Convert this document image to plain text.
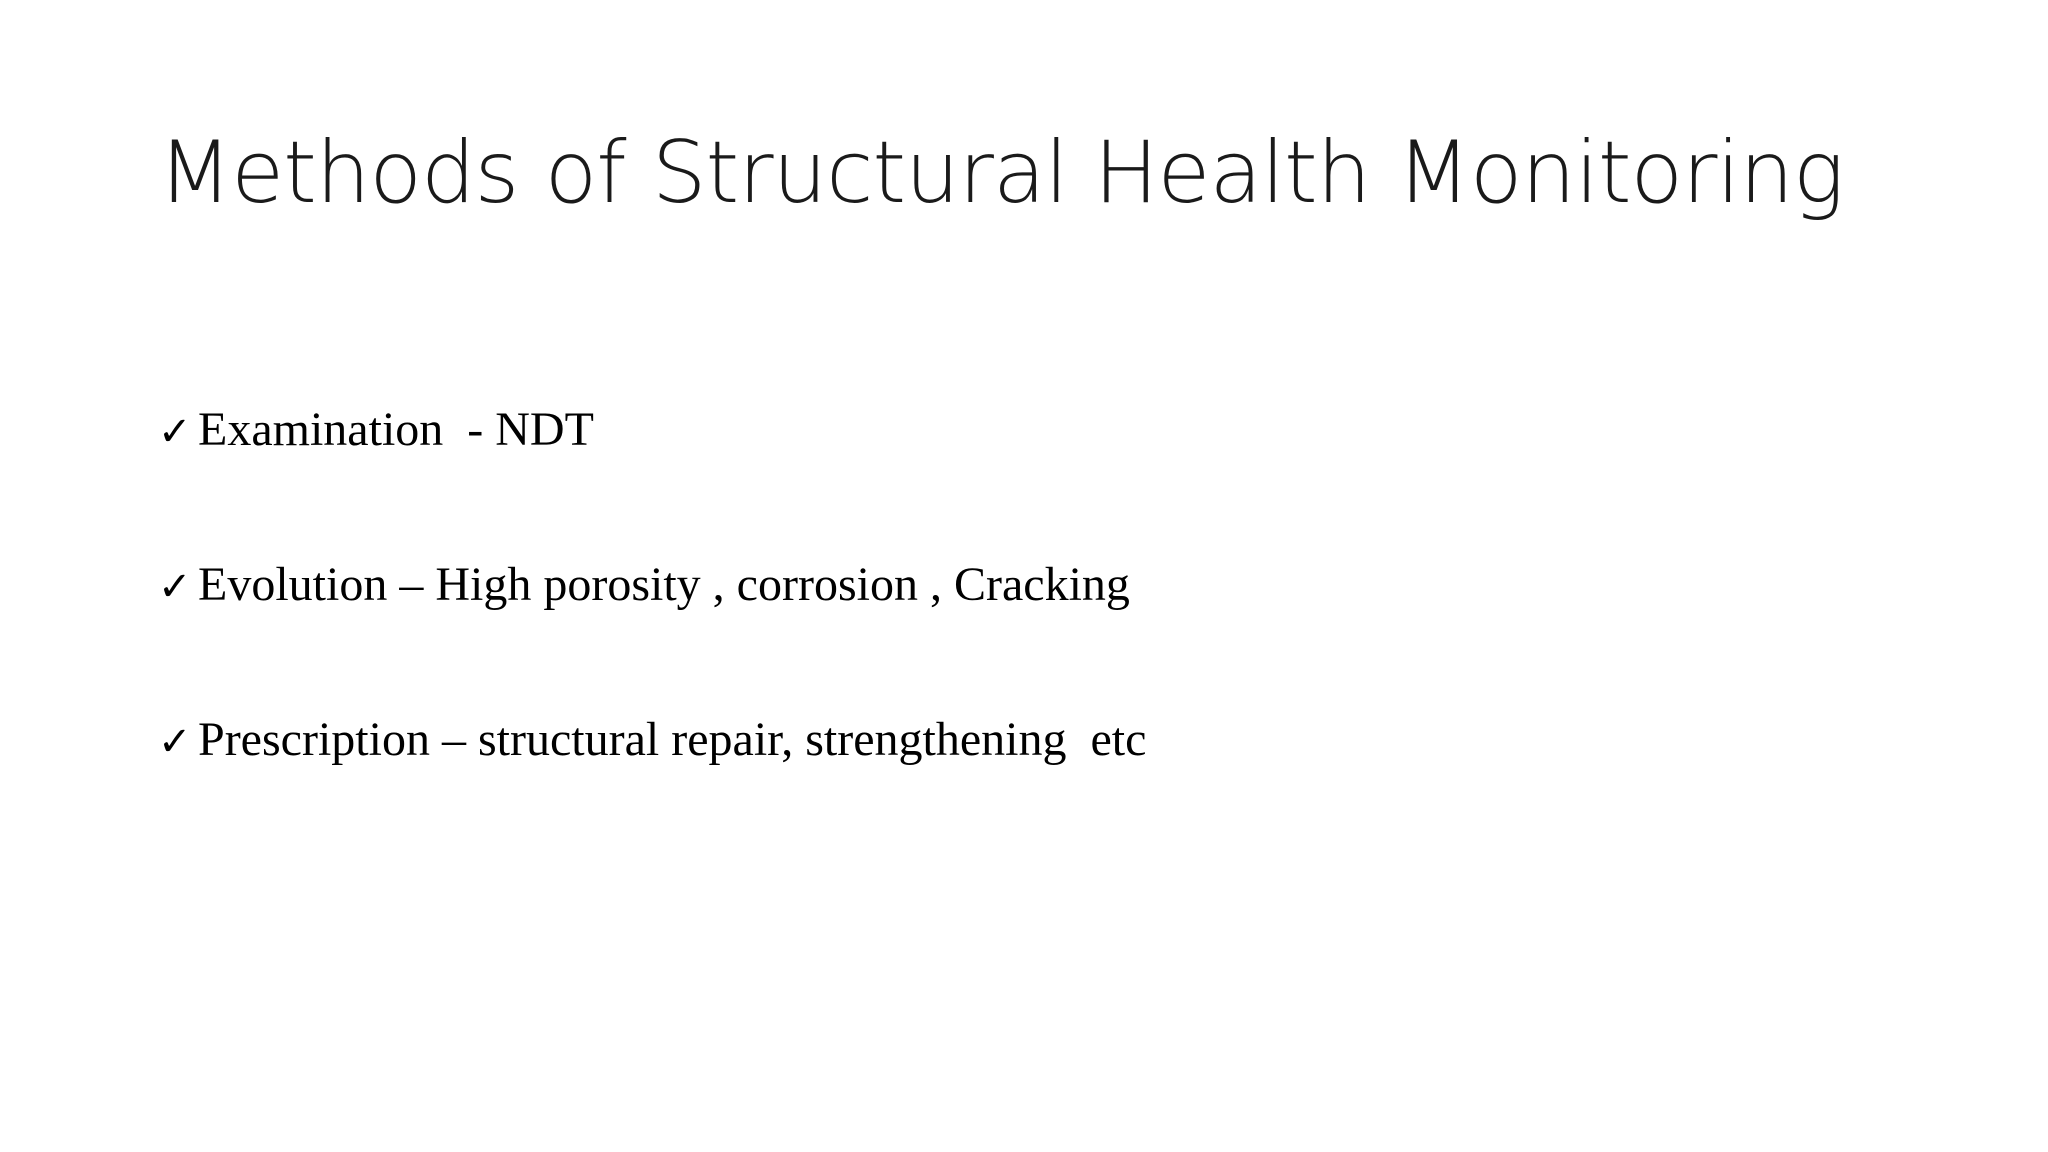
Methods of Structural Health Monitoring
✓ Examination  - NDT
✓ Evolution – High porosity , corrosion , Cracking
✓ Prescription – structural repair, strengthening  etc
